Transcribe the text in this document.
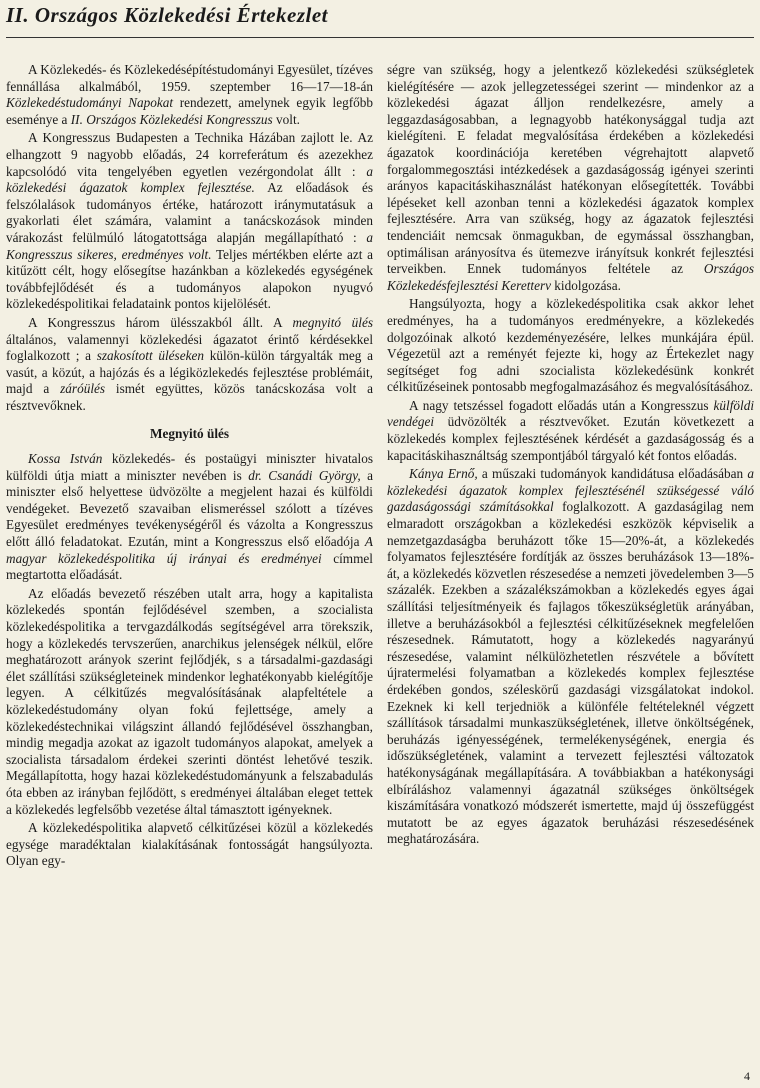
II. Országos Közlekedési Értekezlet

A Közlekedés- és Közlekedésépítéstudományi Egyesület, tízéves fennállása alkalmából, 1959. szeptember 16—17—18-án Közlekedéstudományi Napokat rendezett, amelynek egyik legfőbb eseménye a II. Országos Közlekedési Kongresszus volt.

A Kongresszus Budapesten a Technika Házában zajlott le. Az elhangzott 9 nagyobb előadás, 24 korreferátum és azezekhez kapcsolódó vita tengelyében egyetlen vezérgondolat állt : a közlekedési ágazatok komplex fejlesztése. Az előadások és felszólalások tudományos értéke, határozott iránymutatásuk a gyakorlati élet számára, valamint a tanácskozások minden várakozást felülmúló látogatottsága alapján megállapítható : a Kongresszus sikeres, eredményes volt. Teljes mértékben elérte azt a kitűzött célt, hogy elősegítse hazánkban a közlekedés egységének továbbfejlődését és a tudományos alapokon nyugvó közlekedéspolitikai feladataink pontos kijelölését.

A Kongresszus három ülésszakból állt. A megnyitó ülés általános, valamennyi közlekedési ágazatot érintő kérdésekkel foglalkozott ; a szakosított üléseken külön-külön tárgyalták meg a vasút, a közút, a hajózás és a légiközlekedés fejlesztése problémáit, majd a záróülés ismét együttes, közös tanácskozása volt a résztvevőknek.

Megnyitó ülés

Kossa István közlekedés- és postaügyi miniszter hivatalos külföldi útja miatt a miniszter nevében is dr. Csanádi György, a miniszter első helyettese üdvözölte a megjelent hazai és külföldi vendégeket. Bevezető szavaiban elismeréssel szólott a tízéves Egyesület eredményes tevékenységéről és vázolta a Kongresszus előtt álló feladatokat. Ezután, mint a Kongresszus első előadója A magyar közlekedéspolitika új irányai és eredményei címmel megtartotta előadását.

Az előadás bevezető részében utalt arra, hogy a kapitalista közlekedés spontán fejlődésével szemben, a szocialista közlekedéspolitika a tervgazdálkodás segítségével arra törekszik, hogy a közlekedés tervszerűen, anarchikus jelenségek nélkül, előre meghatározott arányok szerint fejlődjék, s a társadalmi-gazdasági élet szállítási szükségleteinek mindenkor leghatékonyabb kielégítője legyen. A célkitűzés megvalósításának alapfeltétele a közlekedéstudomány olyan fokú fejlettsége, amely a közlekedéstechnikai világszint állandó fejlődésével összhangban, mindig megadja azokat az igazolt tudományos alapokat, amelyek a szocialista társadalom érdekei szerinti döntést lehetővé teszik. Megállapította, hogy hazai közlekedéstudományunk a felszabadulás óta ebben az irányban fejlődött, s eredményei általában eleget tettek a közlekedés legfelsőbb vezetése által támasztott igényeknek.

A közlekedéspolitika alapvető célkitűzései közül a közlekedés egysége maradéktalan kialakításának fontosságát hangsúlyozta. Olyan egy-

ségre van szükség, hogy a jelentkező közlekedési szükségletek kielégítésére — azok jellegzetességei szerint — mindenkor az a közlekedési ágazat álljon rendelkezésre, amely a leggazdaságosabban, a legnagyobb hatékonysággal tudja azt kielégíteni. E feladat megvalósítása érdekében a közlekedési ágazatok koordinációja keretében végrehajtott alapvető forgalommegosztási intézkedések a gazdaságosság igényei szerinti arányos kapacitáskihasználást hatékonyan elősegítették. További lépéseket kell azonban tenni a közlekedési ágazatok komplex fejlesztésére. Arra van szükség, hogy az ágazatok fejlesztési tendenciáit nemcsak önmagukban, de egymással összhangban, optimálisan arányosítva és ütemezve irányítsuk konkrét fejlesztési terveikben. Ennek tudományos feltétele az Országos Közlekedésfejlesztési Keretterv kidolgozása.

Hangsúlyozta, hogy a közlekedéspolitika csak akkor lehet eredményes, ha a tudományos eredményekre, a közlekedés dolgozóinak alkotó kezdeményezésére, lelkes munkájára épül. Végezetül azt a reményét fejezte ki, hogy az Értekezlet nagy segítséget fog adni szocialista közlekedésünk konkrét célkitűzéseinek pontosabb megfogalmazásához és megvalósításához.

A nagy tetszéssel fogadott előadás után a Kongresszus külföldi vendégei üdvözölték a résztvevőket. Ezután következett a közlekedés komplex fejlesztésének kérdését a gazdaságosság és a kapacitáskihasználtság szempontjából tárgyaló két fontos előadás.

Kánya Ernő, a műszaki tudományok kandidátusa előadásában a közlekedési ágazatok komplex fejlesztésénél szükségessé váló gazdaságossági számításokkal foglalkozott. A gazdaságilag nem elmaradott országokban a közlekedési eszközök képviselik a nemzetgazdaságba beruházott tőke 15—20%-át, a közlekedés folyamatos fejlesztésére fordítják az összes beruházások 13—18%-át, a közlekedés közvetlen részesedése a nemzeti jövedelemben 3—5 százalék. Ezekben a százalékszámokban a közlekedés egyes ágai szállítási teljesítményeik és fajlagos tőkeszükségletük arányában, illetve a beruházásokból a fejlesztési célkitűzéseknek megfelelően részesednek. Rámutatott, hogy a közlekedés nagyarányú részesedése, valamint nélkülözhetetlen részvétele a bővített újratermelési folyamatban a közlekedés komplex fejlesztése érdekében gondos, széleskörű gazdasági vizsgálatokat indokol. Ezeknek ki kell terjedniök a különféle feltételeknél végzett szállítások társadalmi munkaszükségletének, illetve önköltségének, beruházás igényességének, termelékenységének, energia és időszükségletének, valamint a tervezett fejlesztési változatok hatékonyságának megállapítására. A továbbiakban a hatékonysági elbíráláshoz valamennyi ágazatnál szükséges önköltségek kiszámítására vonatkozó módszerét ismertette, majd új összefüggést mutatott be az egyes ágazatok beruházási részesedésének meghatározására.

4
